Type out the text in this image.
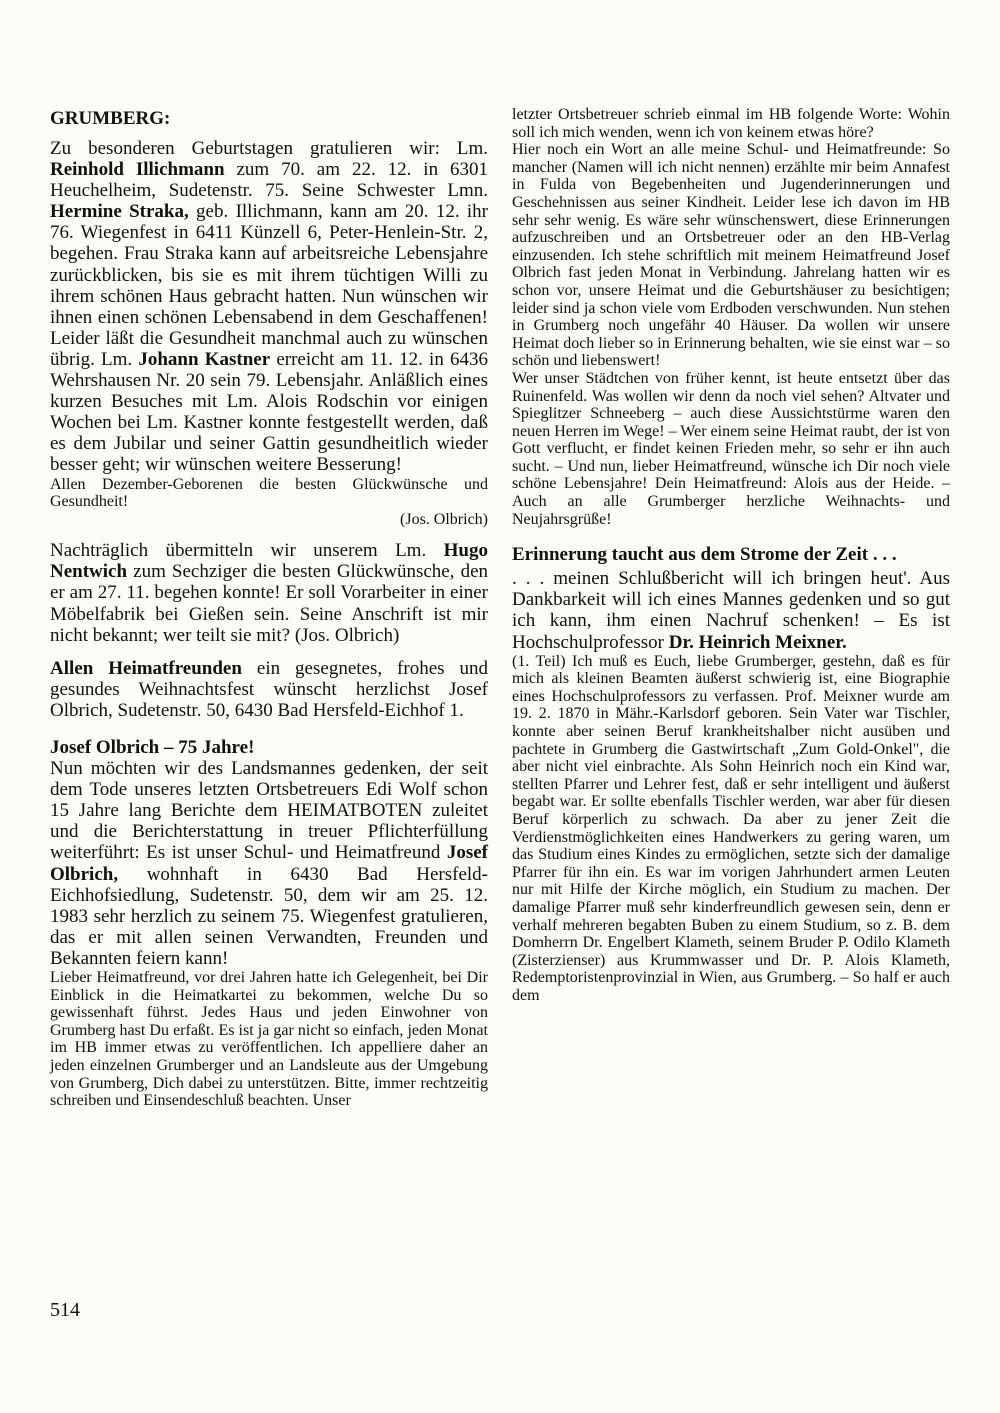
GRUMBERG:

Zu besonderen Geburtstagen gratulieren wir: Lm. Reinhold Illichmann zum 70. am 22. 12. in 6301 Heuchelheim, Sudetenstr. 75. Seine Schwester Lmn. Hermine Straka, geb. Illichmann, kann am 20. 12. ihr 76. Wiegenfest in 6411 Künzell 6, Peter-Henlein-Str. 2, begehen. Frau Straka kann auf arbeitsreiche Lebensjahre zurückblicken, bis sie es mit ihrem tüchtigen Willi zu ihrem schönen Haus gebracht hatten. Nun wünschen wir ihnen einen schönen Lebensabend in dem Geschaffenen! Leider läßt die Gesundheit manchmal auch zu wünschen übrig. Lm. Johann Kastner erreicht am 11. 12. in 6436 Wehrshausen Nr. 20 sein 79. Lebensjahr. Anläßlich eines kurzen Besuches mit Lm. Alois Rodschin vor einigen Wochen bei Lm. Kastner konnte festgestellt werden, daß es dem Jubilar und seiner Gattin gesundheitlich wieder besser geht; wir wünschen weitere Besserung!

Allen Dezember-Geborenen die besten Glückwünsche und Gesundheit!

(Jos. Olbrich)

Nachträglich übermitteln wir unserem Lm. Hugo Nentwich zum Sechziger die besten Glückwünsche, den er am 27. 11. begehen konnte! Er soll Vorarbeiter in einer Möbelfabrik bei Gießen sein. Seine Anschrift ist mir nicht bekannt; wer teilt sie mit? (Jos. Olbrich)

Allen Heimatfreunden ein gesegnetes, frohes und gesundes Weihnachtsfest wünscht herzlichst Josef Olbrich, Sudetenstr. 50, 6430 Bad Hersfeld-Eichhof 1.

Josef Olbrich – 75 Jahre!

Nun möchten wir des Landsmannes gedenken, der seit dem Tode unseres letzten Ortsbetreuers Edi Wolf schon 15 Jahre lang Berichte dem HEIMATBOTEN zuleitet und die Berichterstattung in treuer Pflichterfüllung weiterführt: Es ist unser Schul- und Heimatfreund Josef Olbrich, wohnhaft in 6430 Bad Hersfeld-Eichhofsiedlung, Sudetenstr. 50, dem wir am 25. 12. 1983 sehr herzlich zu seinem 75. Wiegenfest gratulieren, das er mit allen seinen Verwandten, Freunden und Bekannten feiern kann!

Lieber Heimatfreund, vor drei Jahren hatte ich Gelegenheit, bei Dir Einblick in die Heimatkartei zu bekommen, welche Du so gewissenhaft führst. Jedes Haus und jeden Einwohner von Grumberg hast Du erfaßt. Es ist ja gar nicht so einfach, jeden Monat im HB immer etwas zu veröffentlichen. Ich appelliere daher an jeden einzelnen Grumberger und an Landsleute aus der Umgebung von Grumberg, Dich dabei zu unterstützen. Bitte, immer rechtzeitig schreiben und Einsendeschluß beachten. Unser

letzter Ortsbetreuer schrieb einmal im HB folgende Worte: Wohin soll ich mich wenden, wenn ich von keinem etwas höre?

Hier noch ein Wort an alle meine Schul- und Heimatfreunde: So mancher (Namen will ich nicht nennen) erzählte mir beim Annafest in Fulda von Begebenheiten und Jugenderinnerungen und Geschehnissen aus seiner Kindheit. Leider lese ich davon im HB sehr sehr wenig. Es wäre sehr wünschenswert, diese Erinnerungen aufzuschreiben und an Ortsbetreuer oder an den HB-Verlag einzusenden. Ich stehe schriftlich mit meinem Heimatfreund Josef Olbrich fast jeden Monat in Verbindung. Jahrelang hatten wir es schon vor, unsere Heimat und die Geburtshäuser zu besichtigen; leider sind ja schon viele vom Erdboden verschwunden. Nun stehen in Grumberg noch ungefähr 40 Häuser. Da wollen wir unsere Heimat doch lieber so in Erinnerung behalten, wie sie einst war – so schön und liebenswert!

Wer unser Städtchen von früher kennt, ist heute entsetzt über das Ruinenfeld. Was wollen wir denn da noch viel sehen? Altvater und Spieglitzer Schneeberg – auch diese Aussichtstürme waren den neuen Herren im Wege! – Wer einem seine Heimat raubt, der ist von Gott verflucht, er findet keinen Frieden mehr, so sehr er ihn auch sucht. – Und nun, lieber Heimatfreund, wünsche ich Dir noch viele schöne Lebensjahre! Dein Heimatfreund: Alois aus der Heide. – Auch an alle Grumberger herzliche Weihnachts- und Neujahrsgrüße!

Erinnerung taucht aus dem Strome der Zeit . . .

. . . meinen Schlußbericht will ich bringen heut'. Aus Dankbarkeit will ich eines Mannes gedenken und so gut ich kann, ihm einen Nachruf schenken! – Es ist Hochschulprofessor Dr. Heinrich Meixner.

(1. Teil) Ich muß es Euch, liebe Grumberger, gestehn, daß es für mich als kleinen Beamten äußerst schwierig ist, eine Biographie eines Hochschulprofessors zu verfassen. Prof. Meixner wurde am 19. 2. 1870 in Mähr.-Karlsdorf geboren. Sein Vater war Tischler, konnte aber seinen Beruf krankheitshalber nicht ausüben und pachtete in Grumberg die Gastwirtschaft „Zum Gold-Onkel", die aber nicht viel einbrachte. Als Sohn Heinrich noch ein Kind war, stellten Pfarrer und Lehrer fest, daß er sehr intelligent und äußerst begabt war. Er sollte ebenfalls Tischler werden, war aber für diesen Beruf körperlich zu schwach. Da aber zu jener Zeit die Verdienstmöglichkeiten eines Handwerkers zu gering waren, um das Studium eines Kindes zu ermöglichen, setzte sich der damalige Pfarrer für ihn ein. Es war im vorigen Jahrhundert armen Leuten nur mit Hilfe der Kirche möglich, ein Studium zu machen. Der damalige Pfarrer muß sehr kinderfreundlich gewesen sein, denn er verhalf mehreren begabten Buben zu einem Studium, so z. B. dem Domherrn Dr. Engelbert Klameth, seinem Bruder P. Odilo Klameth (Zisterzienser) aus Krummwasser und Dr. P. Alois Klameth, Redemptoristenprovinzial in Wien, aus Grumberg. – So half er auch dem

514
